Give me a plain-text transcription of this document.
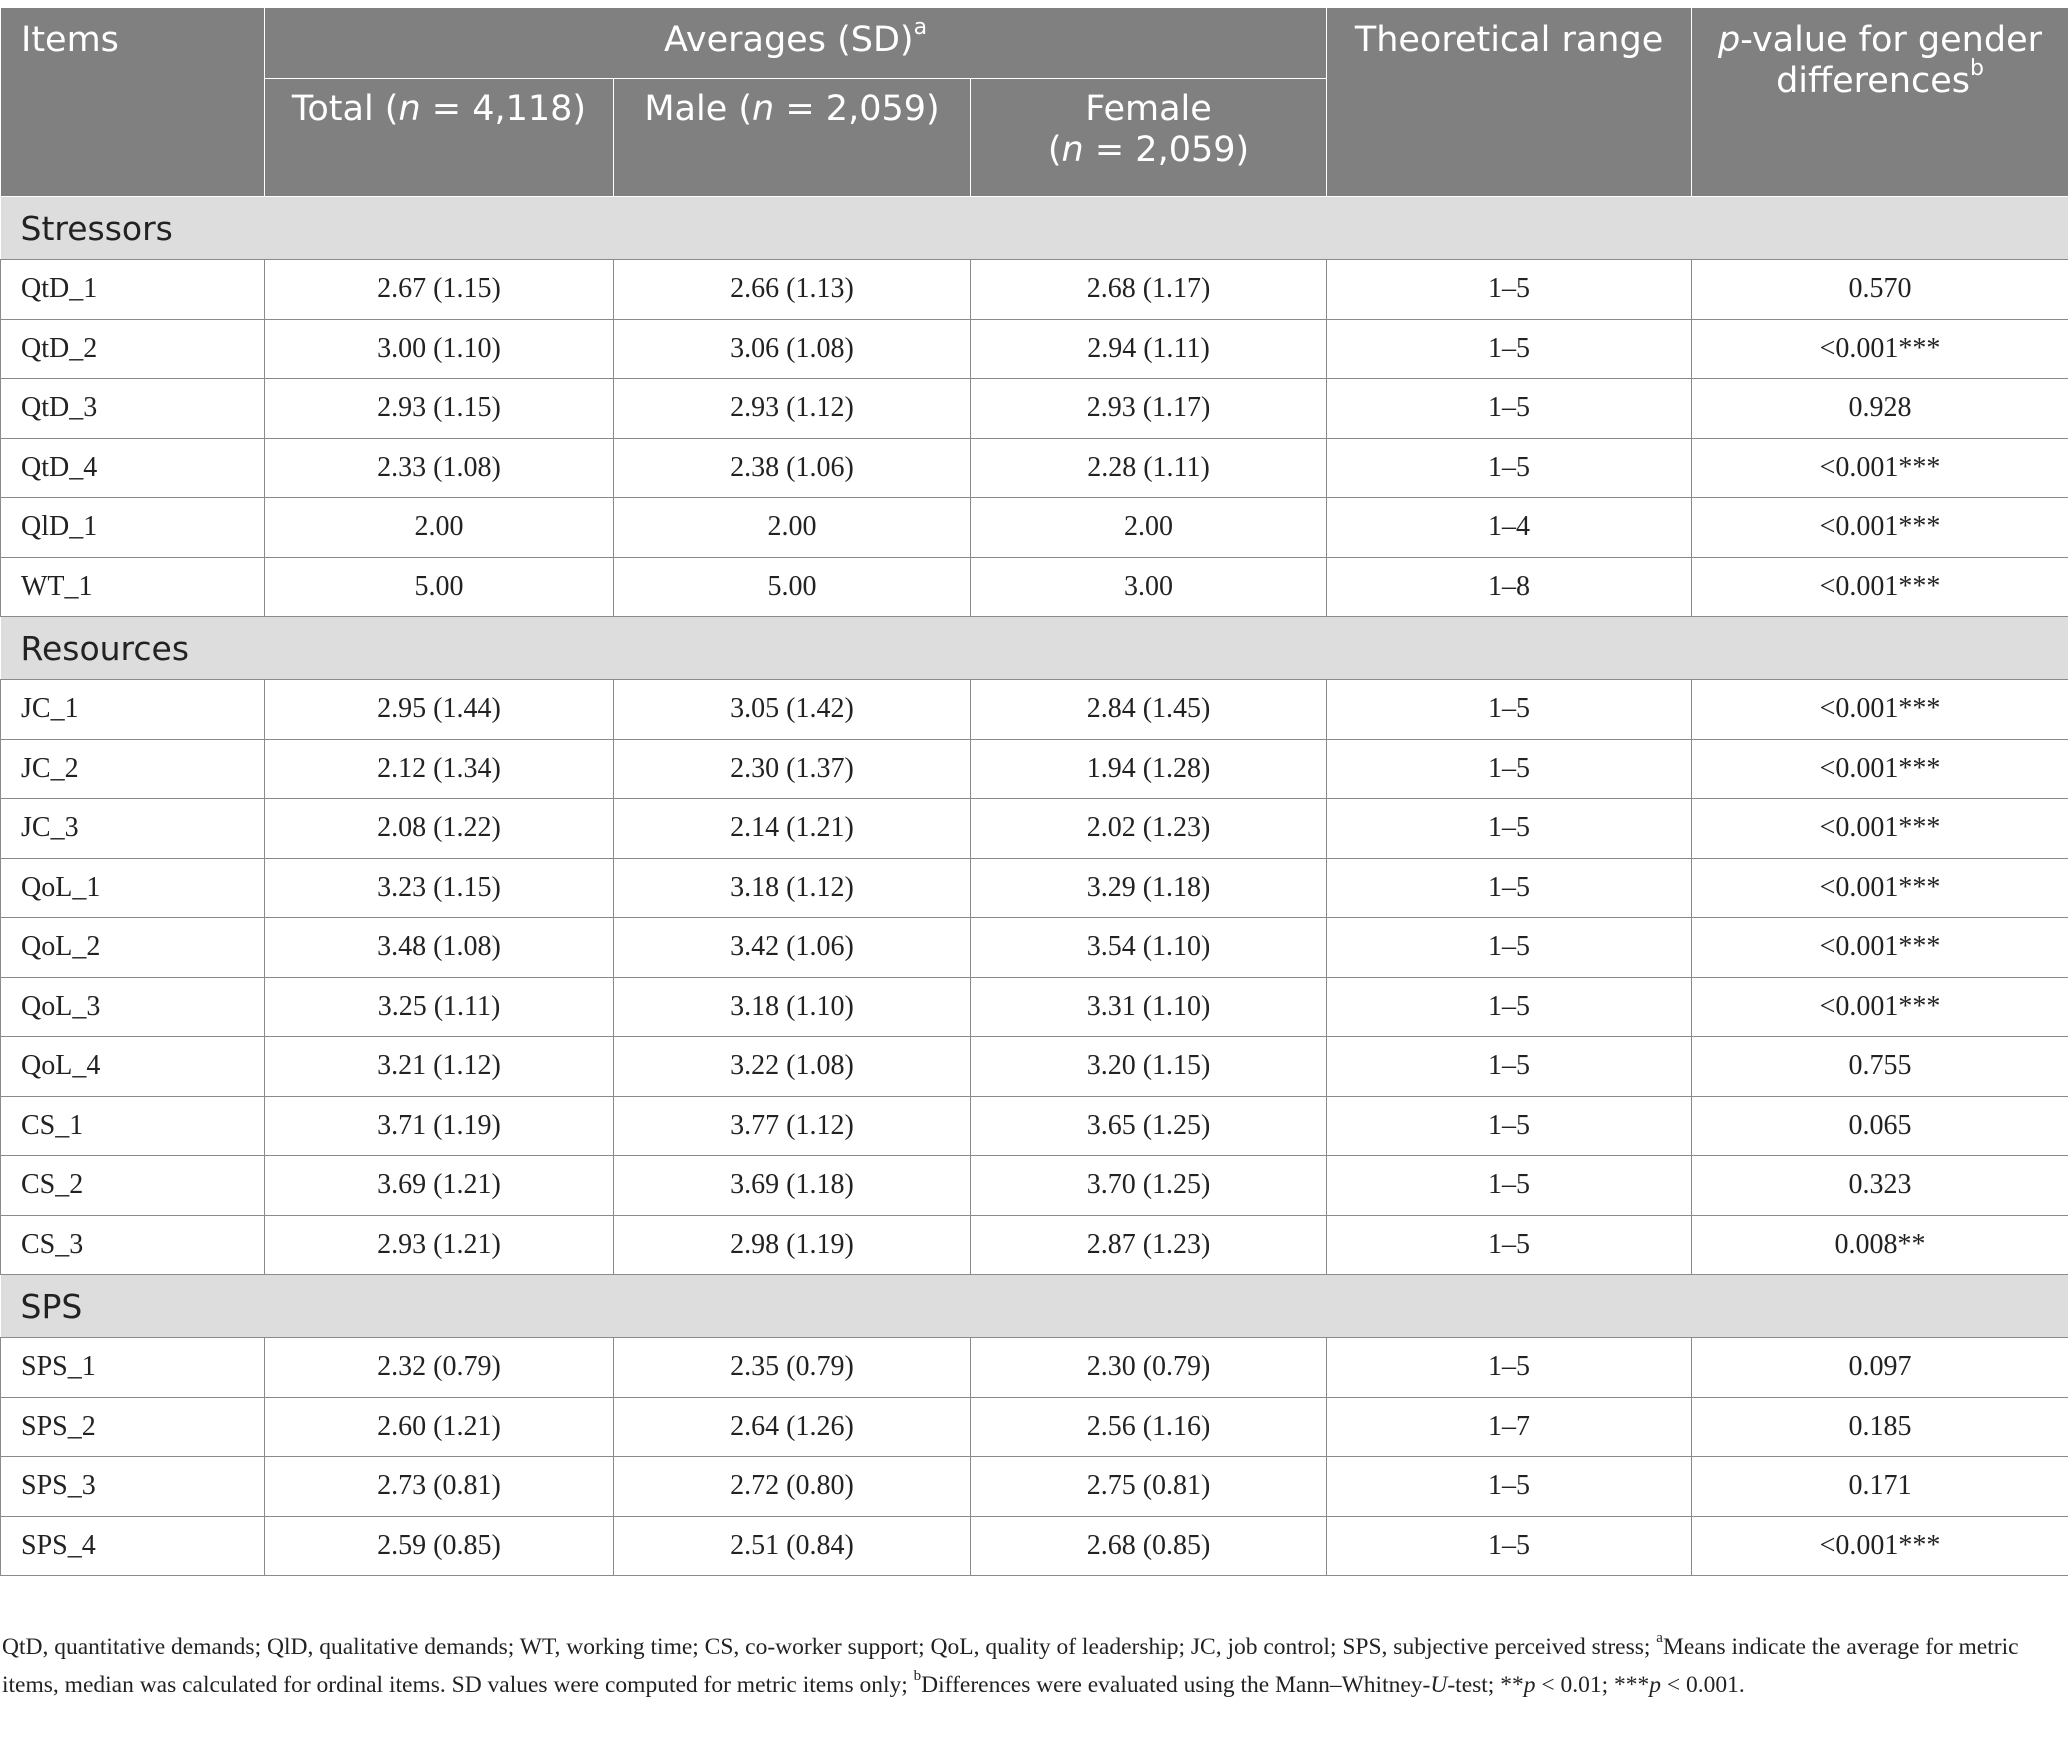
Items	Averages (SD)$^a$			Theoretical range	p-value for gender differences$^b$
	Total (n = 4,118)	Male (n = 2,059)	Female
(n = 2,059)		
Stressors					
QtD_1	2.67 (1.15)	2.66 (1.13)	2.68 (1.17)	1–5	0.570
QtD_2	3.00 (1.10)	3.06 (1.08)	2.94 (1.11)	1–5	<0.001***
QtD_3	2.93 (1.15)	2.93 (1.12)	2.93 (1.17)	1–5	0.928
QtD_4	2.33 (1.08)	2.38 (1.06)	2.28 (1.11)	1–5	<0.001***
QlD_1	2.00	2.00	2.00	1–4	<0.001***
WT_1	5.00	5.00	3.00	1–8	<0.001***
Resources					
JC_1	2.95 (1.44)	3.05 (1.42)	2.84 (1.45)	1–5	<0.001***
JC_2	2.12 (1.34)	2.30 (1.37)	1.94 (1.28)	1–5	<0.001***
JC_3	2.08 (1.22)	2.14 (1.21)	2.02 (1.23)	1–5	<0.001***
QoL_1	3.23 (1.15)	3.18 (1.12)	3.29 (1.18)	1–5	<0.001***
QoL_2	3.48 (1.08)	3.42 (1.06)	3.54 (1.10)	1–5	<0.001***
QoL_3	3.25 (1.11)	3.18 (1.10)	3.31 (1.10)	1–5	<0.001***
QoL_4	3.21 (1.12)	3.22 (1.08)	3.20 (1.15)	1–5	0.755
CS_1	3.71 (1.19)	3.77 (1.12)	3.65 (1.25)	1–5	0.065
CS_2	3.69 (1.21)	3.69 (1.18)	3.70 (1.25)	1–5	0.323
CS_3	2.93 (1.21)	2.98 (1.19)	2.87 (1.23)	1–5	0.008**
SPS					
SPS_1	2.32 (0.79)	2.35 (0.79)	2.30 (0.79)	1–5	0.097
SPS_2	2.60 (1.21)	2.64 (1.26)	2.56 (1.16)	1–7	0.185
SPS_3	2.73 (0.81)	2.72 (0.80)	2.75 (0.81)	1–5	0.171
SPS_4	2.59 (0.85)	2.51 (0.84)	2.68 (0.85)	1–5	<0.001***
QtD, quantitative demands; QlD, qualitative demands; WT, working time; CS, co-worker support; QoL, quality of leadership; JC, job control; SPS, subjective perceived stress; $^a$Means indicate the average for metric items, median was calculated for ordinal items. SD values were computed for metric items only; $^b$Differences were evaluated using the Mann–Whitney-U-test; **p < 0.01; ***p < 0.001.
